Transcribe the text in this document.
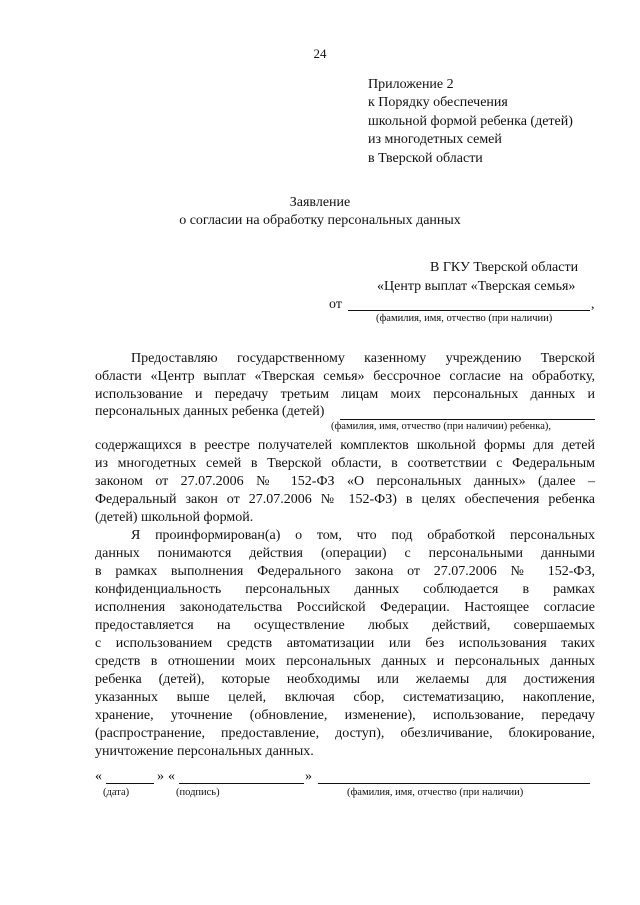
24
Приложение 2
к Порядку обеспечения
школьной формой ребенка (детей)
из многодетных семей
в Тверской области
Заявление
о согласии на обработку персональных данных
В ГКУ Тверской области
«Центр выплат «Тверская семья»
от	,
(фамилия, имя, отчество (при наличии)
Предоставляю государственному казенному учреждению Тверской
области «Центр выплат «Тверская семья» бессрочное согласие на обработку,
использование и передачу третьим лицам моих персональных данных и
персональных данных ребенка (детей)
(фамилия, имя, отчество (при наличии) ребенка),
содержащихся в реестре получателей комплектов школьной формы для детей
из многодетных семей в Тверской области, в соответствии с Федеральным
законом от 27.07.2006 № 152-ФЗ «О персональных данных» (далее –
Федеральный закон от 27.07.2006 № 152-ФЗ) в целях обеспечения ребенка
(детей) школьной формой.
Я проинформирован(а) о том, что под обработкой персональных
данных понимаются действия (операции) с персональными данными
в рамках выполнения Федерального закона от 27.07.2006 № 152-ФЗ,
конфиденциальность персональных данных соблюдается в рамках
исполнения законодательства Российской Федерации. Настоящее согласие
предоставляется на осуществление любых действий, совершаемых
с использованием средств автоматизации или без использования таких
средств в отношении моих персональных данных и персональных данных
ребенка (детей), которые необходимы или желаемы для достижения
указанных выше целей, включая сбор, систематизацию, накопление,
хранение, уточнение (обновление, изменение), использование, передачу
(распространение, предоставление, доступ), обезличивание, блокирование,
уничтожение персональных данных.
«	» «	»
(дата)	(подпись)	(фамилия, имя, отчество (при наличии)
